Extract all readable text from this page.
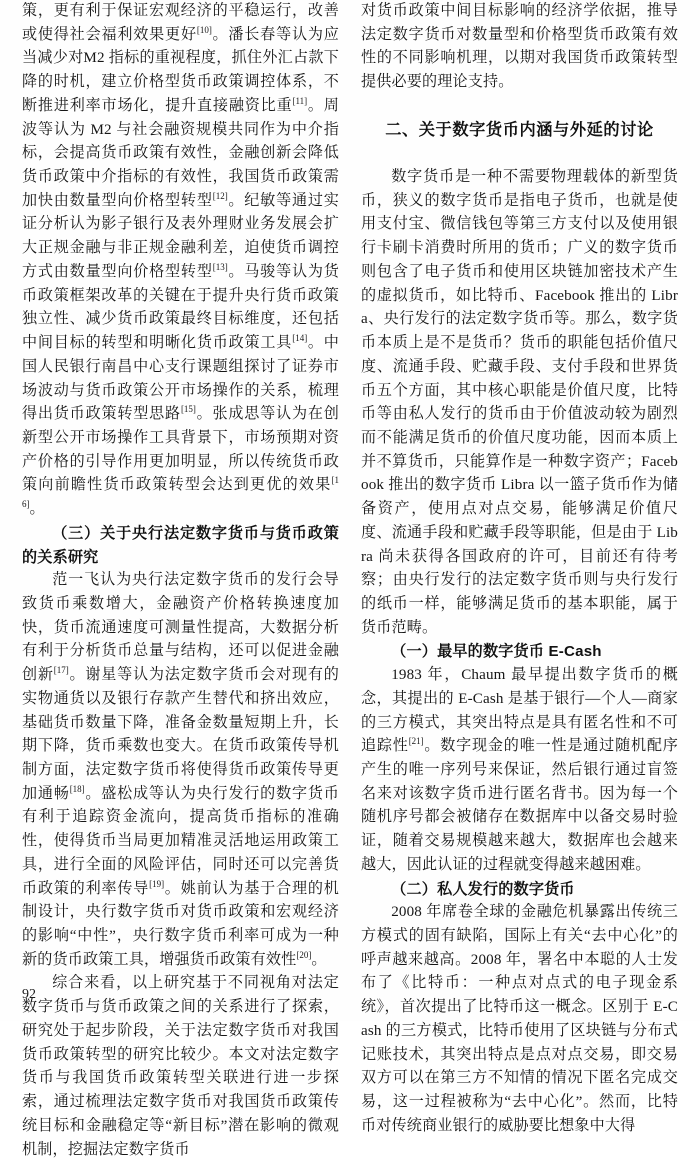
策，更有利于保证宏观经济的平稳运行，改善或使得社会福利效果更好[10]。潘长春等认为应当减少对M2 指标的重视程度，抓住外汇占款下降的时机，建立价格型货币政策调控体系，不断推进利率市场化，提升直接融资比重[11]。周波等认为 M2 与社会融资规模共同作为中介指标，会提高货币政策有效性，金融创新会降低货币政策中介指标的有效性，我国货币政策需加快由数量型向价格型转型[12]。纪敏等通过实证分析认为影子银行及表外理财业务发展会扩大正规金融与非正规金融利差，迫使货币调控方式由数量型向价格型转型[13]。马骏等认为货币政策框架改革的关键在于提升央行货币政策独立性、减少货币政策最终目标维度，还包括中间目标的转型和明晰化货币政策工具[14]。中国人民银行南昌中心支行课题组探讨了证券市场波动与货币政策公开市场操作的关系，梳理得出货币政策转型思路[15]。张成思等认为在创新型公开市场操作工具背景下，市场预期对资产价格的引导作用更加明显，所以传统货币政策向前瞻性货币政策转型会达到更优的效果[16]。

（三）关于央行法定数字货币与货币政策的关系研究

范一飞认为央行法定数字货币的发行会导致货币乘数增大，金融资产价格转换速度加快，货币流通速度可测量性提高，大数据分析有利于分析货币总量与结构，还可以促进金融创新[17]。谢星等认为法定数字货币会对现有的实物通货以及银行存款产生替代和挤出效应，基础货币数量下降，准备金数量短期上升，长期下降，货币乘数也变大。在货币政策传导机制方面，法定数字货币将使得货币政策传导更加通畅[18]。盛松成等认为央行发行的数字货币有利于追踪资金流向，提高货币指标的准确性，使得货币当局更加精准灵活地运用政策工具，进行全面的风险评估，同时还可以完善货币政策的利率传导[19]。姚前认为基于合理的机制设计，央行数字货币对货币政策和宏观经济的影响“中性”，央行数字货币利率可成为一种新的货币政策工具，增强货币政策有效性[20]。

综合来看，以上研究基于不同视角对法定数字货币与货币政策之间的关系进行了探索，研究处于起步阶段，关于法定数字货币对我国货币政策转型的研究比较少。本文对法定数字货币与我国货币政策转型关联进行进一步探索，通过梳理法定数字货币对我国货币政策传统目标和金融稳定等“新目标”潜在影响的微观机制，挖掘法定数字货币

对货币政策中间目标影响的经济学依据，推导法定数字货币对数量型和价格型货币政策有效性的不同影响机理，以期对我国货币政策转型提供必要的理论支持。

二、关于数字货币内涵与外延的讨论

数字货币是一种不需要物理载体的新型货币，狭义的数字货币是指电子货币，也就是使用支付宝、微信钱包等第三方支付以及使用银行卡刷卡消费时所用的货币；广义的数字货币则包含了电子货币和使用区块链加密技术产生的虚拟货币，如比特币、Facebook 推出的 Libra、央行发行的法定数字货币等。那么，数字货币本质上是不是货币？货币的职能包括价值尺度、流通手段、贮藏手段、支付手段和世界货币五个方面，其中核心职能是价值尺度，比特币等由私人发行的货币由于价值波动较为剧烈而不能满足货币的价值尺度功能，因而本质上并不算货币，只能算作是一种数字资产；Facebook 推出的数字货币 Libra 以一篮子货币作为储备资产，使用点对点交易，能够满足价值尺度、流通手段和贮藏手段等职能，但是由于 Libra 尚未获得各国政府的许可，目前还有待考察；由央行发行的法定数字货币则与央行发行的纸币一样，能够满足货币的基本职能，属于货币范畴。

（一）最早的数字货币 E-Cash

1983 年，Chaum 最早提出数字货币的概念，其提出的 E-Cash 是基于银行—个人—商家的三方模式，其突出特点是具有匿名性和不可追踪性[21]。数字现金的唯一性是通过随机配序产生的唯一序列号来保证，然后银行通过盲签名来对该数字货币进行匿名背书。因为每一个随机序号都会被储存在数据库中以备交易时验证，随着交易规模越来越大，数据库也会越来越大，因此认证的过程就变得越来越困难。

（二）私人发行的数字货币

2008 年席卷全球的金融危机暴露出传统三方模式的固有缺陷，国际上有关“去中心化”的呼声越来越高。2008 年，署名中本聪的人士发布了《比特币：一种点对点式的电子现金系统》，首次提出了比特币这一概念。区别于 E-Cash 的三方模式，比特币使用了区块链与分布式记账技术，其突出特点是点对点交易，即交易双方可以在第三方不知情的情况下匿名完成交易，这一过程被称为“去中心化”。然而，比特币对传统商业银行的威胁要比想象中大得

92
